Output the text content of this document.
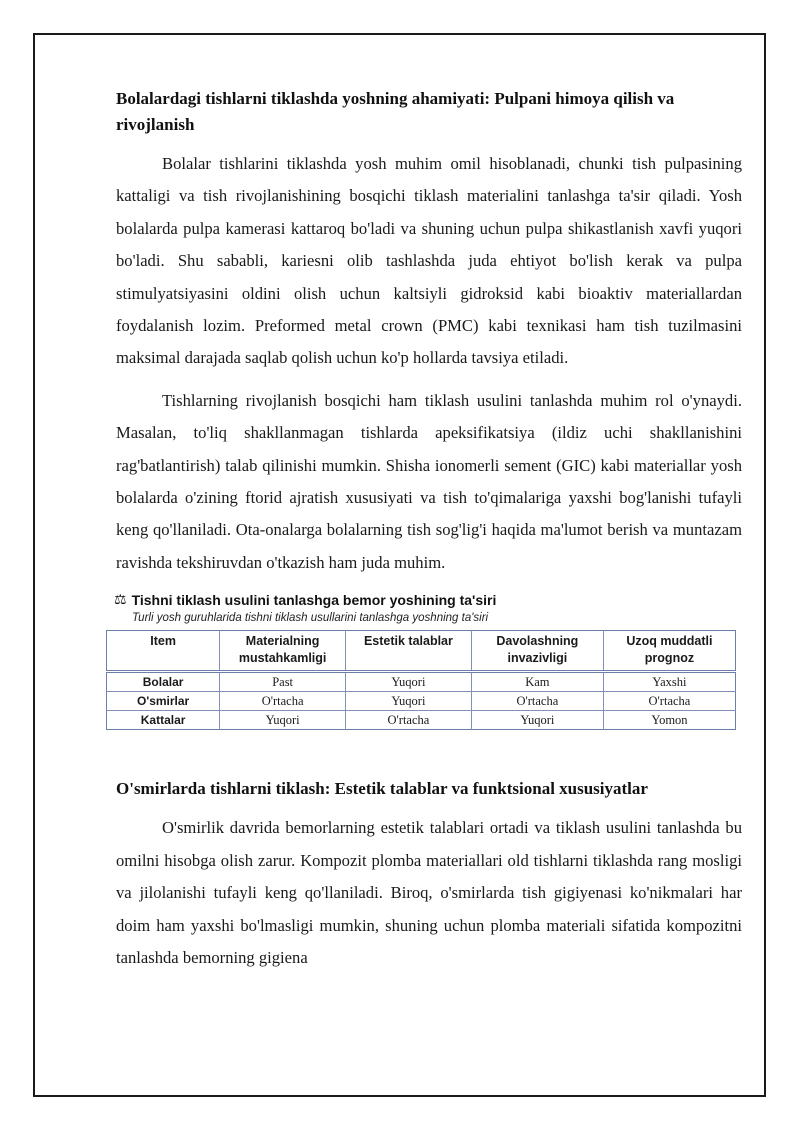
Bolalardagi tishlarni tiklashda yoshning ahamiyati: Pulpani himoya qilish va rivojlanish

Bolalar tishlarini tiklashda yosh muhim omil hisoblanadi, chunki tish pulpasining kattaligi va tish rivojlanishining bosqichi tiklash materialini tanlashga ta'sir qiladi. Yosh bolalarda pulpa kamerasi kattaroq bo'ladi va shuning uchun pulpa shikastlanish xavfi yuqori bo'ladi. Shu sababli, kariesni olib tashlashda juda ehtiyot bo'lish kerak va pulpa stimulyatsiyasini oldini olish uchun kaltsiyli gidroksid kabi bioaktiv materiallardan foydalanish lozim. Preformed metal crown (PMC) kabi texnikasi ham tish tuzilmasini maksimal darajada saqlab qolish uchun ko'p hollarda tavsiya etiladi.

Tishlarning rivojlanish bosqichi ham tiklash usulini tanlashda muhim rol o'ynaydi. Masalan, to'liq shakllanmagan tishlarda apeksifikatsiya (ildiz uchi shakllanishini rag'batlantirish) talab qilinishi mumkin. Shisha ionomerli sement (GIC) kabi materiallar yosh bolalarda o'zining ftorid ajratish xususiyati va tish to'qimalariga yaxshi bog'lanishi tufayli keng qo'llaniladi. Ota-onalarga bolalarning tish sog'lig'i haqida ma'lumot berish va muntazam ravishda tekshiruvdan o'tkazish ham juda muhim.

⚖ Tishni tiklash usulini tanlashga bemor yoshining ta'siri
Turli yosh guruhlarida tishni tiklash usullarini tanlashga yoshning ta'siri
Item	Materialning mustahkamligi	Estetik talablar	Davolashning invazivligi	Uzoq muddatli prognoz
Bolalar	Past	Yuqori	Kam	Yaxshi
O'smirlar	O'rtacha	Yuqori	O'rtacha	O'rtacha
Kattalar	Yuqori	O'rtacha	Yuqori	Yomon
O'smirlarda tishlarni tiklash: Estetik talablar va funktsional xususiyatlar

O'smirlik davrida bemorlarning estetik talablari ortadi va tiklash usulini tanlashda bu omilni hisobga olish zarur. Kompozit plomba materiallari old tishlarni tiklashda rang mosligi va jilolanishi tufayli keng qo'llaniladi. Biroq, o'smirlarda tish gigiyenasi ko'nikmalari har doim ham yaxshi bo'lmasligi mumkin, shuning uchun plomba materiali sifatida kompozitni tanlashda bemorning gigiena
